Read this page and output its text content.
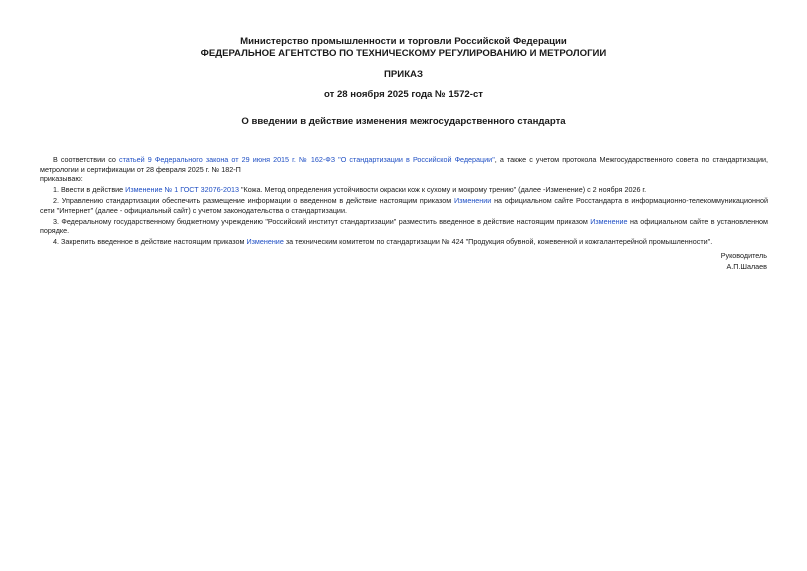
Министерство промышленности и торговли Российской Федерации
ФЕДЕРАЛЬНОЕ АГЕНТСТВО ПО ТЕХНИЧЕСКОМУ РЕГУЛИРОВАНИЮ И МЕТРОЛОГИИ
ПРИКАЗ
от 28 ноября 2025 года № 1572-ст
О введении в действие изменения межгосударственного стандарта

В соответствии со статьей 9 Федерального закона от 29 июня 2015 г. № 162-ФЗ "О стандартизации в Российской Федерации", а также с учетом протокола Межгосударственного совета по стандартизации, метрологии и сертификации от 28 февраля 2025 г. № 182-П

приказываю:

1. Ввести в действие Изменение № 1 ГОСТ 32076-2013 "Кожа. Метод определения устойчивости окраски кож к сухому и мокрому трению" (далее -Изменение) с 2 ноября 2026 г.

2. Управлению стандартизации обеспечить размещение информации о введенном в действие настоящим приказом Изменении на официальном сайте Росстандарта в информационно-телекоммуникационной сети "Интернет" (далее - официальный сайт) с учетом законодательства о стандартизации.

3. Федеральному государственному бюджетному учреждению "Российский институт стандартизации" разместить введенное в действие настоящим приказом Изменение на официальном сайте в установленном порядке.

4. Закрепить введенное в действие настоящим приказом Изменение за техническим комитетом по стандартизации № 424 "Продукция обувной, кожевенной и кожгалантерейной промышленности".

Руководитель
А.П.Шалаев
